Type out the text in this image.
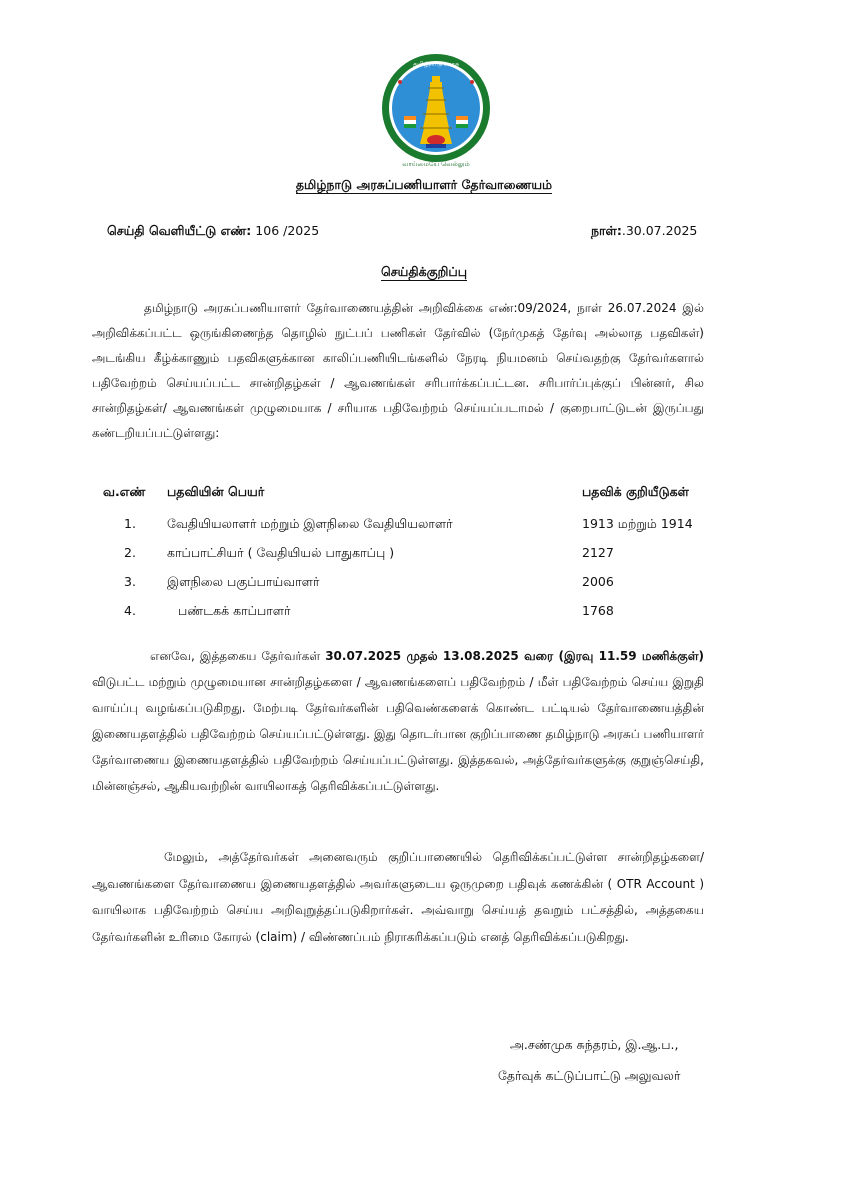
தமிழ்நாடு அரசு
வாய்மையே வெல்லும்
தமிழ்நாடு அரசுப்பணியாளர் தேர்வாணையம்
செய்தி வெளியீட்டு எண்: 106 /2025	நாள்:.30.07.2025
செய்திக்குறிப்பு

தமிழ்நாடு அரசுப்பணியாளர் தேர்வாணையத்தின் அறிவிக்கை எண்:09/2024, நாள் 26.07.2024 இல் அறிவிக்கப்பட்ட ஒருங்கிணைந்த தொழில் நுட்பப் பணிகள் தேர்வில் (நேர்முகத் தேர்வு அல்லாத பதவிகள்) அடங்கிய கீழ்க்காணும் பதவிகளுக்கான காலிப்பணியிடங்களில் நேரடி நியமனம் செய்வதற்கு தேர்வர்களால் பதிவேற்றம் செய்யப்பட்ட சான்றிதழ்கள் / ஆவணங்கள் சரிபார்க்கப்பட்டன. சரிபார்ப்புக்குப் பின்னர், சில சான்றிதழ்கள்/ ஆவணங்கள் முழுமையாக / சரியாக பதிவேற்றம் செய்யப்படாமல் / குறைபாட்டுடன் இருப்பது கண்டறியப்பட்டுள்ளது:

வ.எண் பதவியின் பெயர்	பதவிக் குறியீடுகள்
1. வேதியியலாளர் மற்றும் இளநிலை வேதியியலாளர்	1913 மற்றும் 1914
2. காப்பாட்சியர் ( வேதியியல் பாதுகாப்பு )	2127
3. இளநிலை பகுப்பாய்வாளர்	2006
4.	பண்டகக் காப்பாளர்	1768

எனவே, இத்தகைய தேர்வர்கள் 30.07.2025 முதல் 13.08.2025 வரை (இரவு 11.59 மணிக்குள்) விடுபட்ட மற்றும் முழுமையான சான்றிதழ்களை / ஆவணங்களைப் பதிவேற்றம் / மீள் பதிவேற்றம் செய்ய இறுதி வாய்ப்பு வழங்கப்படுகிறது. மேற்படி தேர்வர்களின் பதிவெண்களைக் கொண்ட பட்டியல் தேர்வாணையத்தின் இணையதளத்தில் பதிவேற்றம் செய்யப்பட்டுள்ளது. இது தொடர்பான குறிப்பாணை தமிழ்நாடு அரசுப் பணியாளர் தேர்வாணைய இணையதளத்தில் பதிவேற்றம் செய்யப்பட்டுள்ளது. இத்தகவல், அத்தேர்வர்களுக்கு குறுஞ்செய்தி, மின்னஞ்சல், ஆகியவற்றின் வாயிலாகத் தெரிவிக்கப்பட்டுள்ளது.

மேலும், அத்தேர்வர்கள் அனைவரும் குறிப்பாணையில் தெரிவிக்கப்பட்டுள்ள சான்றிதழ்களை/ ஆவணங்களை தேர்வாணைய இணையதளத்தில் அவர்களுடைய ஒருமுறை பதிவுக் கணக்கின் ( OTR Account ) வாயிலாக பதிவேற்றம் செய்ய அறிவுறுத்தப்படுகிறார்கள். அவ்வாறு செய்யத் தவறும் பட்சத்தில், அத்தகைய தேர்வர்களின் உரிமை கோரல் (claim) / விண்ணப்பம் நிராகரிக்கப்படும் எனத் தெரிவிக்கப்படுகிறது.

அ.சண்முக சுந்தரம், இ.ஆ.ப.,
தேர்வுக் கட்டுப்பாட்டு அலுவலர்
